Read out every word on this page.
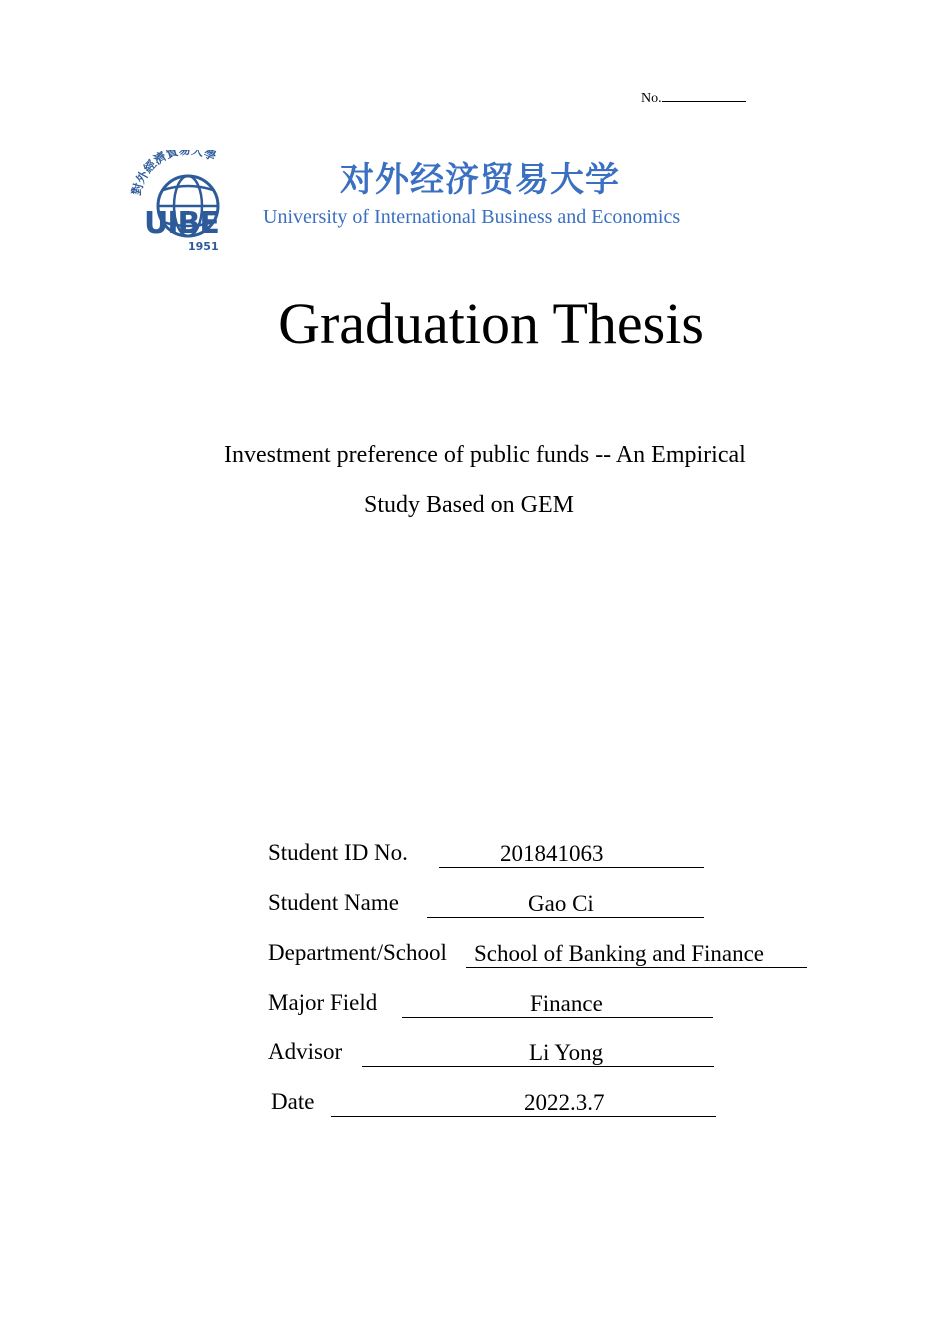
No.
對外經濟貿易大學
UIBE
1951
对外经济贸易大学
University of International Business and Economics
Graduation Thesis
Investment preference of public funds -- An Empirical
Study Based on GEM
Student ID No.	201841063
Student Name	Gao Ci
Department/School School of Banking and Finance
Major Field	Finance
Advisor	Li Yong
Date	2022.3.7
